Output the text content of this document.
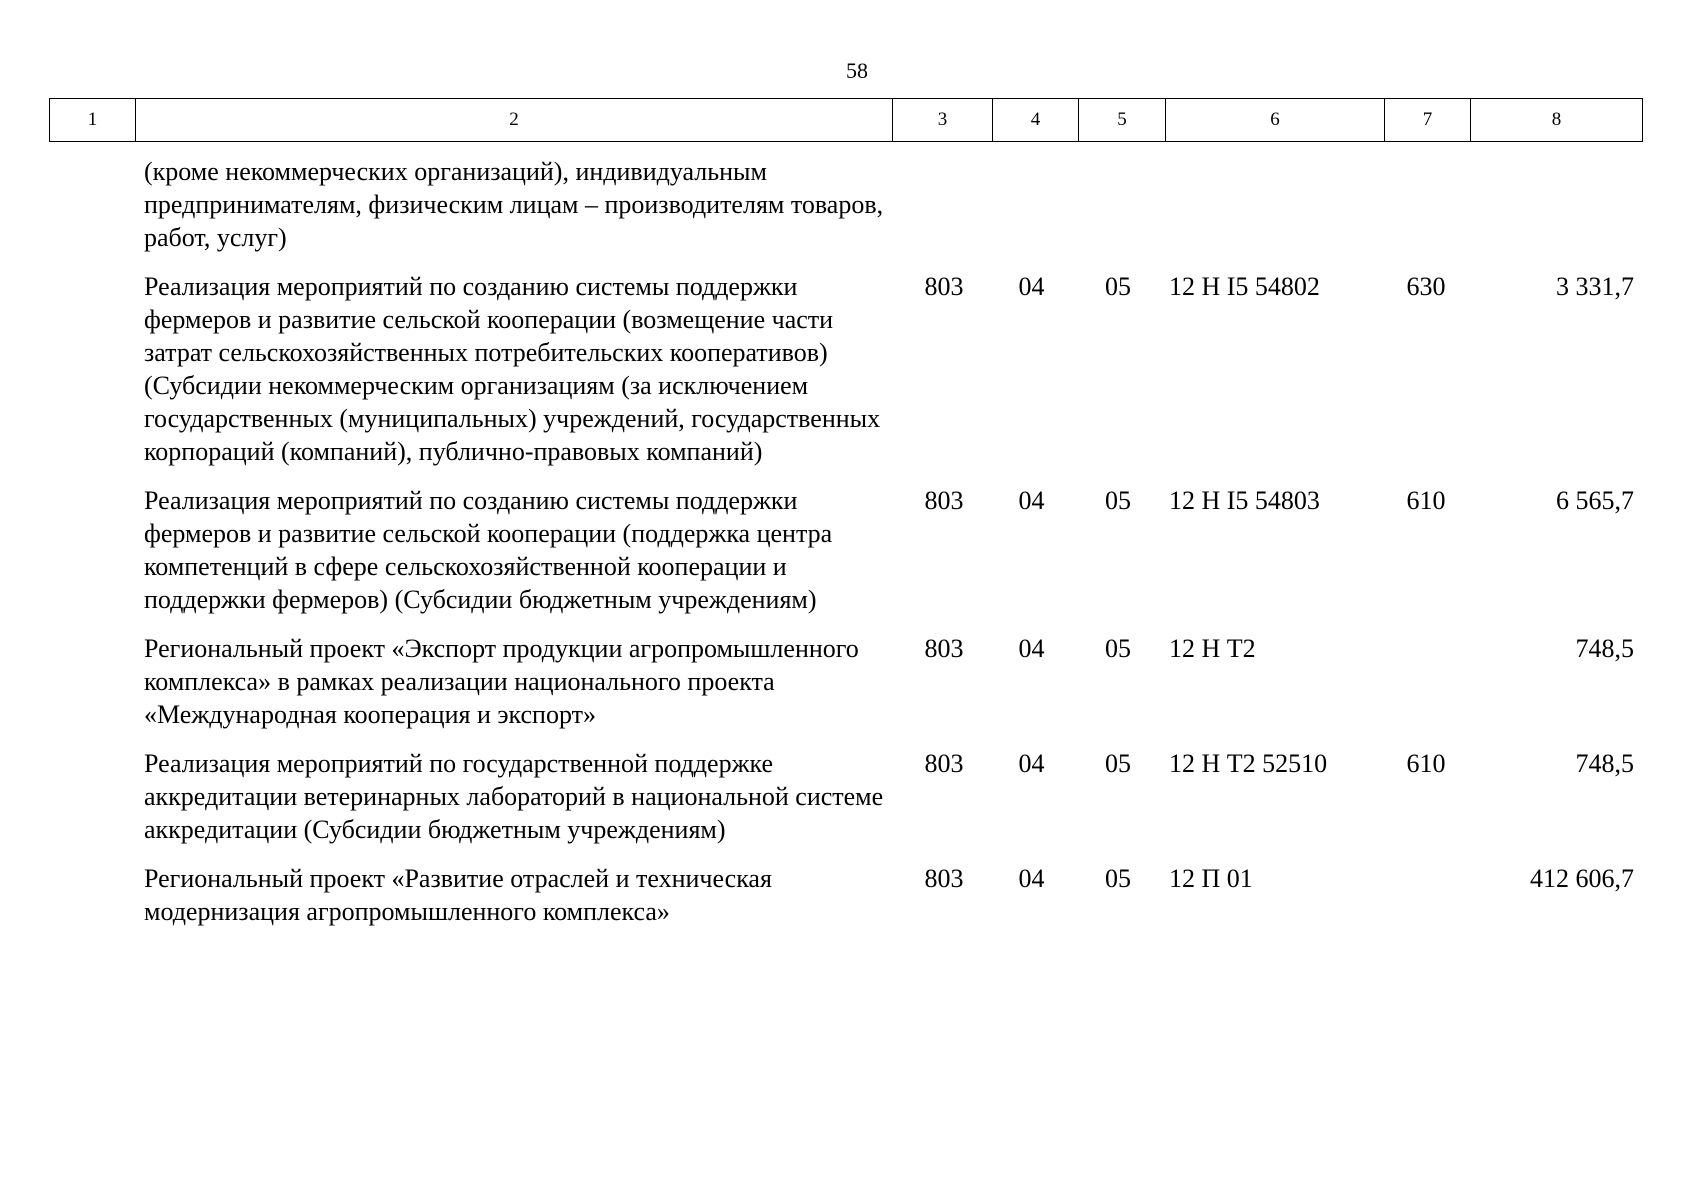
58
1	2	3	4	5	6	7	8
(кроме некоммерческих организаций), индивидуальным предпринимателям, физическим лицам – производителям товаров, работ, услуг)						
Реализация мероприятий по созданию системы поддержки фермеров и развитие сельской кооперации (возмещение части затрат сельскохозяйственных потребительских кооперативов) (Субсидии некоммерческим организациям (за исключением государственных (муниципальных) учреждений, государственных корпораций (компаний), публично-правовых компаний)	803	04	05	12 Н I5 54802	630	3 331,7
Реализация мероприятий по созданию системы поддержки фермеров и развитие сельской кооперации (поддержка центра компетенций в сфере сельскохозяйственной кооперации и поддержки фермеров) (Субсидии бюджетным учреждениям)	803	04	05	12 Н I5 54803	610	6 565,7
Региональный проект «Экспорт продукции агропромышленного комплекса» в рамках реализации национального проекта «Международная кооперация и экспорт»	803	04	05	12 Н T2		748,5
Реализация мероприятий по государственной поддержке аккредитации ветеринарных лабораторий в национальной системе аккредитации (Субсидии бюджетным учреждениям)	803	04	05	12 Н T2 52510	610	748,5
Региональный проект «Развитие отраслей и техническая модернизация агропромышленного комплекса»	803	04	05	12 П 01		412 606,7
